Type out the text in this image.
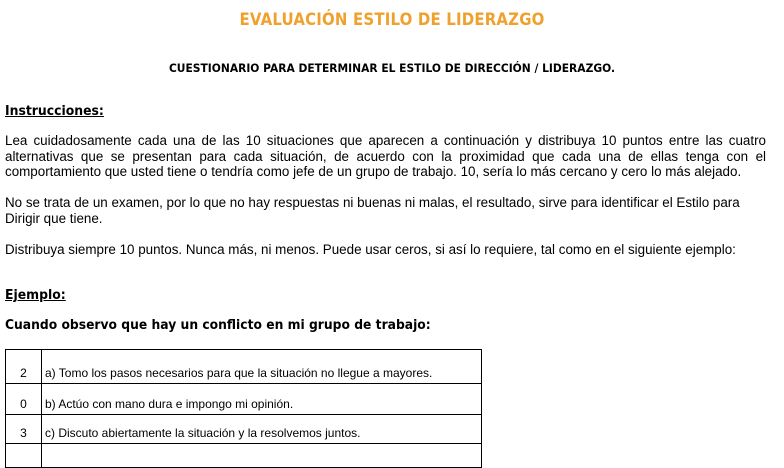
EVALUACIÓN ESTILO DE LIDERAZGO
CUESTIONARIO PARA DETERMINAR EL ESTILO DE DIRECCIÓN / LIDERAZGO.
Instrucciones:
Lea cuidadosamente cada una de las 10 situaciones que aparecen a continuación y distribuya 10 puntos entre las cuatro alternativas que se presentan para cada situación, de acuerdo con la proximidad que cada una de ellas tenga con el comportamiento que usted tiene o tendría como jefe de un grupo de trabajo. 10, sería lo más cercano y cero lo más alejado.
No se trata de un examen, por lo que no hay respuestas ni buenas ni malas, el resultado, sirve para identificar el Estilo para Dirigir que tiene.
Distribuya siempre 10 puntos. Nunca más, ni menos. Puede usar ceros, si así lo requiere, tal como en el siguiente ejemplo:
Ejemplo:
Cuando observo que hay un conflicto en mi grupo de trabajo:
2	a) Tomo los pasos necesarios para que la situación no llegue a mayores.
0	b) Actúo con mano dura e impongo mi opinión.
3	c) Discuto abiertamente la situación y la resolvemos juntos.
